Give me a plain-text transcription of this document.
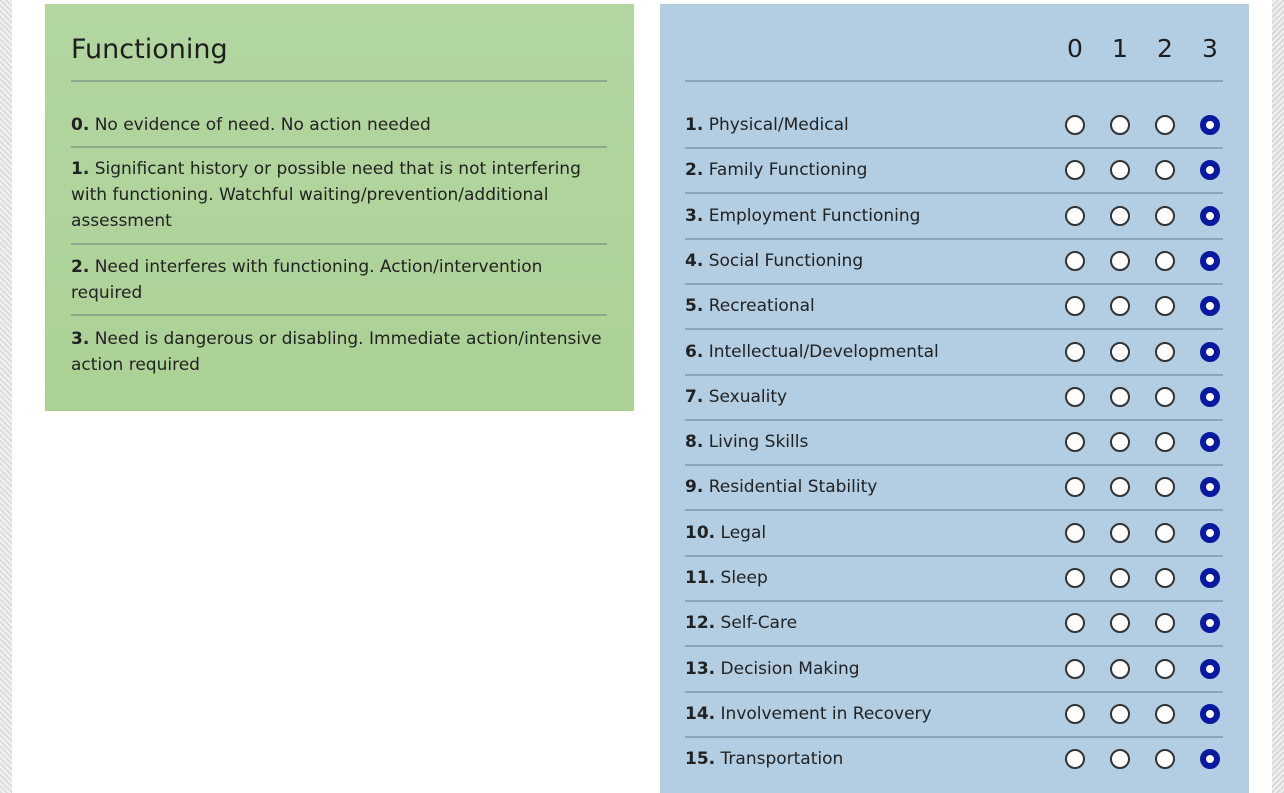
Functioning
0. No evidence of need. No action needed
1. Significant history or possible need that is not interfering with functioning. Watchful waiting/prevention/additional assessment
2. Need interferes with functioning. Action/intervention required
3. Need is dangerous or disabling. Immediate action/intensive action required
0 1 2 3
1. Physical/Medical
2. Family Functioning
3. Employment Functioning
4. Social Functioning
5. Recreational
6. Intellectual/Developmental
7. Sexuality
8. Living Skills
9. Residential Stability
10. Legal
11. Sleep
12. Self-Care
13. Decision Making
14. Involvement in Recovery
15. Transportation
